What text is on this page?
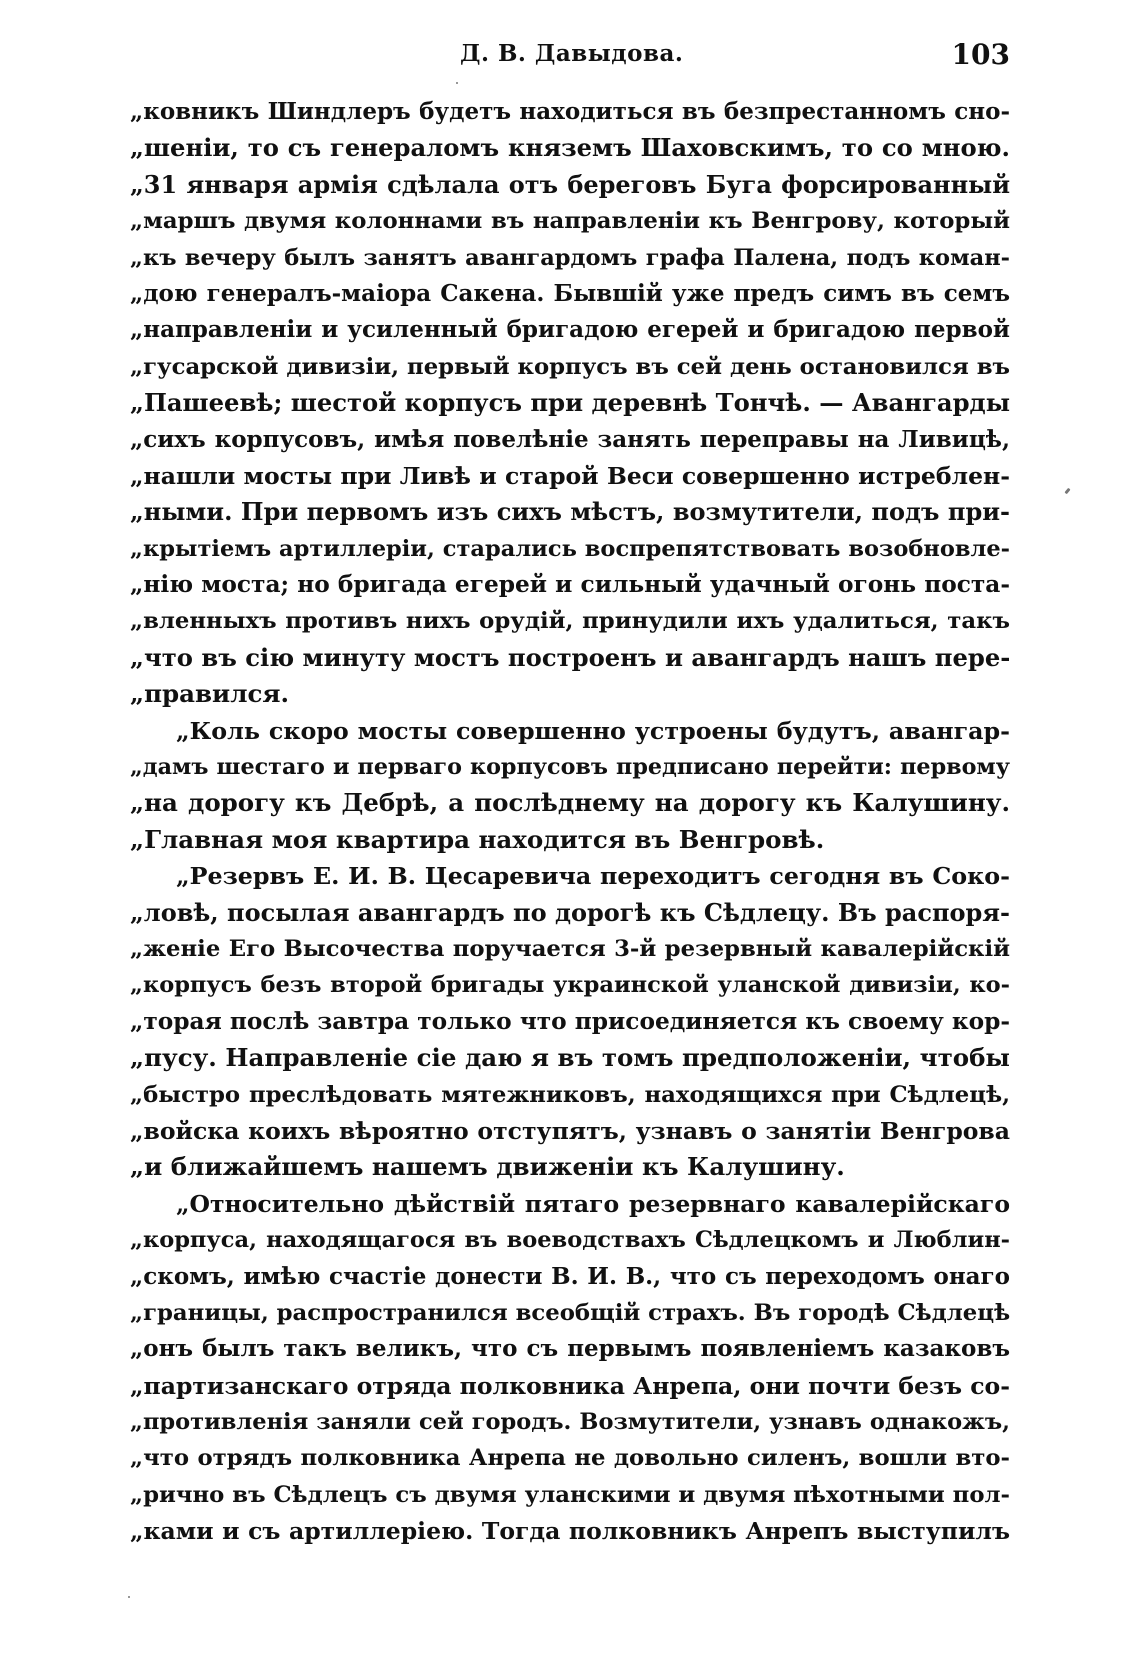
Д. В. Давыдова.	103
„ковникъ Шиндлеръ будетъ находиться въ безпрестанномъ сно-
„шеніи, то съ генераломъ княземъ Шаховскимъ, то со мною.
„31 января армія сдѣлала отъ береговъ Буга форсированный
„маршъ двумя колоннами въ направленіи къ Венгрову, который
„къ вечеру былъ занятъ авангардомъ графа Палена, подъ коман-
„дою генералъ-маіора Сакена. Бывшій уже предъ симъ въ семъ
„направленіи и усиленный бригадою егерей и бригадою первой
„гусарской дивизіи, первый корпусъ въ сей день остановился въ
„Пашеевѣ; шестой корпусъ при деревнѣ Тончѣ. — Авангарды
„сихъ корпусовъ, имѣя повелѣніе занять переправы на Ливицѣ,
„нашли мосты при Ливѣ и старой Веси совершенно истреблен-
„ными. При первомъ изъ сихъ мѣстъ, возмутители, подъ при-
„крытіемъ артиллеріи, старались воспрепятствовать возобновле-
„нію моста; но бригада егерей и сильный удачный огонь поста-
„вленныхъ противъ нихъ орудій, принудили ихъ удалиться, такъ
„что въ сію минуту мостъ построенъ и авангардъ нашъ пере-
„правился.
„Коль скоро мосты совершенно устроены будутъ, авангар-
„дамъ шестаго и перваго корпусовъ предписано перейти: первому
„на дорогу къ Дебрѣ, а послѣднему на дорогу къ Калушину.
„Главная моя квартира находится въ Венгровѣ.
„Резервъ Е. И. В. Цесаревича переходитъ сегодня въ Соко-
„ловѣ, посылая авангардъ по дорогѣ къ Сѣдлецу. Въ распоря-
„женіе Его Высочества поручается 3-й резервный кавалерійскій
„корпусъ безъ второй бригады украинской уланской дивизіи, ко-
„торая послѣ завтра только что присоединяется къ своему кор-
„пусу. Направленіе сіе даю я въ томъ предположеніи, чтобы
„быстро преслѣдовать мятежниковъ, находящихся при Сѣдлецѣ,
„войска коихъ вѣроятно отступятъ, узнавъ о занятіи Венгрова
„и ближайшемъ нашемъ движеніи къ Калушину.
„Относительно дѣйствій пятаго резервнаго кавалерійскаго
„корпуса, находящагося въ воеводствахъ Сѣдлецкомъ и Люблин-
„скомъ, имѣю счастіе донести В. И. В., что съ переходомъ онаго
„границы, распространился всеобщій страхъ. Въ городѣ Сѣдлецѣ
„онъ былъ такъ великъ, что съ первымъ появленіемъ казаковъ
„партизанскаго отряда полковника Анрепа, они почти безъ со-
„противленія заняли сей городъ. Возмутители, узнавъ однакожъ,
„что отрядъ полковника Анрепа не довольно силенъ, вошли вто-
„рично въ Сѣдлецъ съ двумя уланскими и двумя пѣхотными пол-
„ками и съ артиллеріею. Тогда полковникъ Анрепъ выступилъ
